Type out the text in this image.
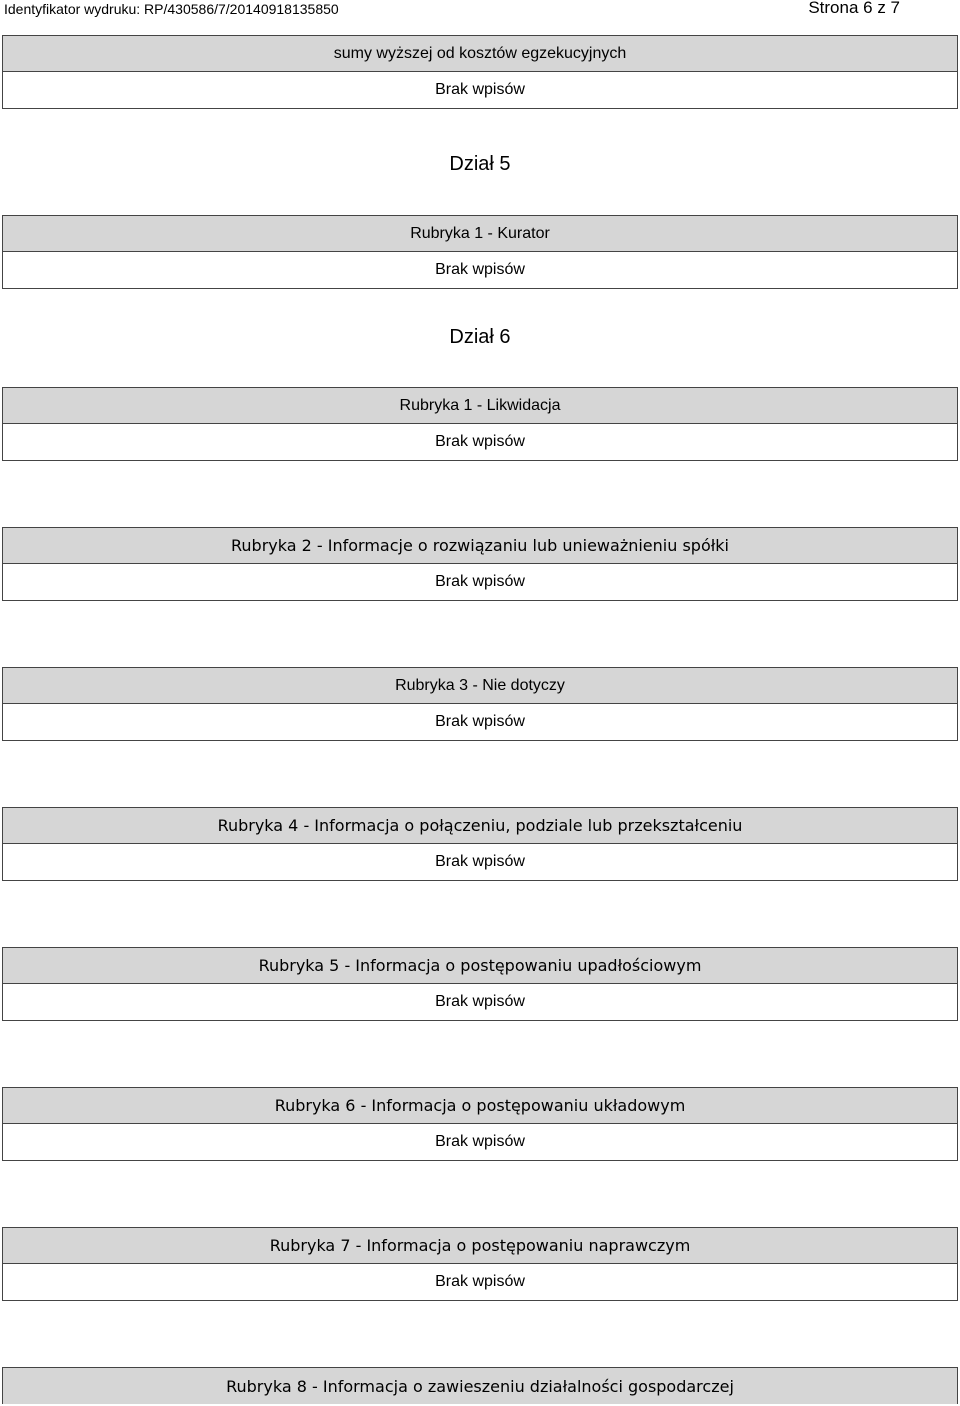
Identyfikator wydruku: RP/430586/7/20140918135850	Strona 6 z 7
sumy wyższej od kosztów egzekucyjnych
Brak wpisów
Dział 5
Rubryka 1 - Kurator
Brak wpisów
Dział 6
Rubryka 1 - Likwidacja
Brak wpisów
Rubryka 2 - Informacje o rozwiązaniu lub unieważnieniu spółki
Brak wpisów
Rubryka 3 - Nie dotyczy
Brak wpisów
Rubryka 4 - Informacja o połączeniu, podziale lub przekształceniu
Brak wpisów
Rubryka 5 - Informacja o postępowaniu upadłościowym
Brak wpisów
Rubryka 6 - Informacja o postępowaniu układowym
Brak wpisów
Rubryka 7 - Informacja o postępowaniu naprawczym
Brak wpisów
Rubryka 8 - Informacja o zawieszeniu działalności gospodarczej
